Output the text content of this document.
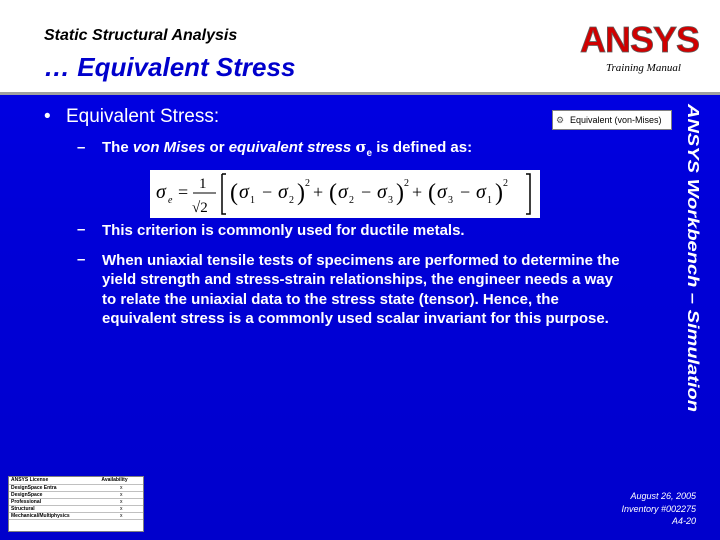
Static Structural Analysis
… Equivalent Stress
ANSYS
Training Manual
• Equivalent Stress:
– The von Mises or equivalent stress $\sigma_e$ is defined as:
σ e = 1
√2
( σ 1 − σ 2 ) 2 + ( σ 2 − σ 3 ) 2 + ( σ 3 − σ 1 ) 2
– This criterion is commonly used for ductile metals.
– When uniaxial tensile tests of specimens are performed to determine the yield strength and stress-strain relationships, the engineer needs a way to relate the uniaxial data to the stress state (tensor). Hence, the equivalent stress is a commonly used scalar invariant for this purpose.
⚙ Equivalent (von-Mises)	ANSYS Workbench – Simulation
ANSYS License	Availability
DesignSpace Entra	x
DesignSpace	x
Professional	x
Structural	x
Mechanical/Multiphysics	x
August 26, 2005
Inventory #002275
A4-20
